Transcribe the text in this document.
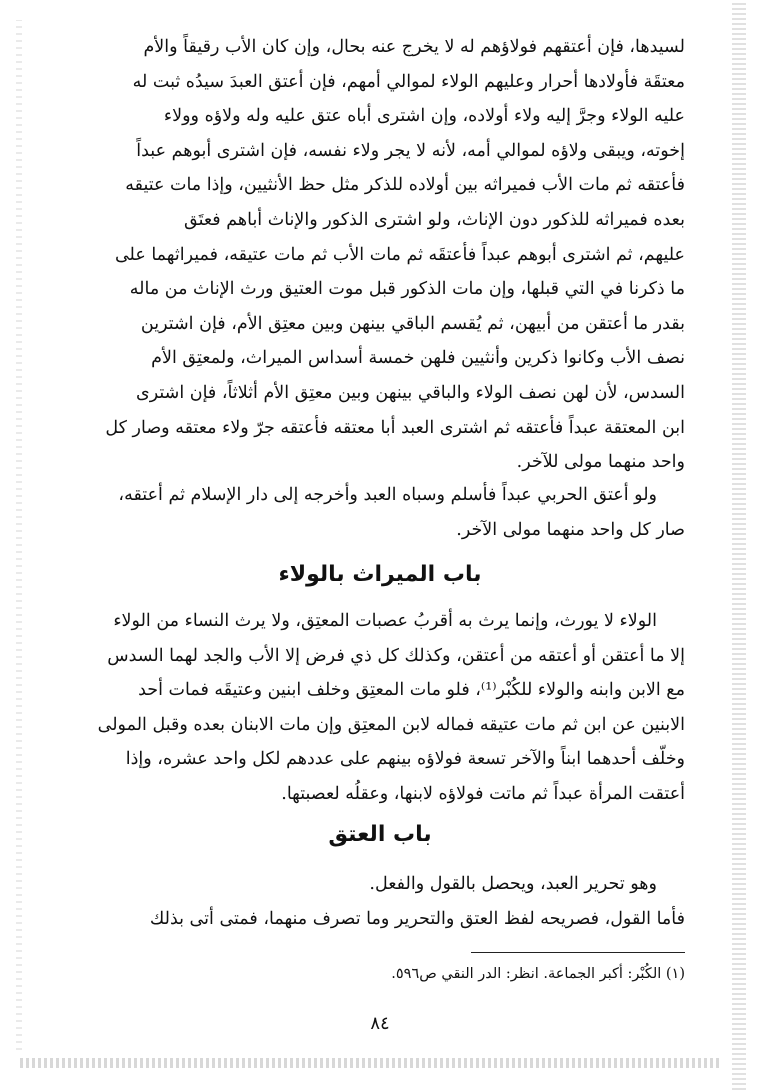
لسيدها، فإن أعتقهم فولاؤهم له لا يخرج عنه بحال، وإن كان الأب رقيقاً والأم
معتقَة فأولادها أحرار وعليهم الولاء لموالي أمهم، فإن أعتق العبدَ سيدُه ثبت له
عليه الولاء وجرَّ إليه ولاء أولاده، وإن اشترى أباه عتق عليه وله ولاؤه وولاء
إخوته، ويبقى ولاؤه لموالي أمه، لأنه لا يجر ولاء نفسه، فإن اشترى أبوهم عبداً
فأعتقه ثم مات الأب فميراثه بين أولاده للذكر مثل حظ الأنثيين، وإذا مات عتيقه
بعده فميراثه للذكور دون الإناث، ولو اشترى الذكور والإناث أباهم فعتَق
عليهم، ثم اشترى أبوهم عبداً فأعتقَه ثم مات الأب ثم مات عتيقه، فميراثهما على
ما ذكرنا في التي قبلها، وإن مات الذكور قبل موت العتيق ورث الإناث من ماله
بقدر ما أعتقن من أبيهن، ثم يُقسم الباقي بينهن وبين معتِق الأم، فإن اشترين
نصف الأب وكانوا ذكرين وأنثيين فلهن خمسة أسداس الميراث، ولمعتِق الأم
السدس، لأن لهن نصف الولاء والباقي بينهن وبين معتِق الأم أثلاثاً، فإن اشترى
ابن المعتقة عبداً فأعتقه ثم اشترى العبد أبا معتقه فأعتقه جرّ ولاء معتقه وصار كل
واحد منهما مولى للآخر.
ولو أعتق الحربي عبداً فأسلم وسباه العبد وأخرجه إلى دار الإسلام ثم أعتقه،
صار كل واحد منهما مولى الآخر.
باب الميراث بالولاء
الولاء لا يورث، وإنما يرث به أقربُ عصبات المعتِق، ولا يرث النساء من الولاء
إلا ما أعتقن أو أعتقه من أعتقن، وكذلك كل ذي فرض إلا الأب والجد لهما السدس
مع الابن وابنه والولاء للكُبْر⁽¹⁾، فلو مات المعتِق وخلف ابنين وعتيقَه فمات أحد
الابنين عن ابن ثم مات عتيقه فماله لابن المعتِق وإن مات الابنان بعده وقبل المولى
وخلّف أحدهما ابناً والآخر تسعة فولاؤه بينهم على عددهم لكل واحد عشره، وإذا
أعتقت المرأة عبداً ثم ماتت فولاؤه لابنها، وعقلُه لعصبتها.
باب العتق
وهو تحرير العبد، ويحصل بالقول والفعل.
فأما القول، فصريحه لفظ العتق والتحرير وما تصرف منهما، فمتى أتى بذلك
(١) الكُبْر: أكبر الجماعة. انظر: الدر النقي ص٥٩٦.
٨٤
